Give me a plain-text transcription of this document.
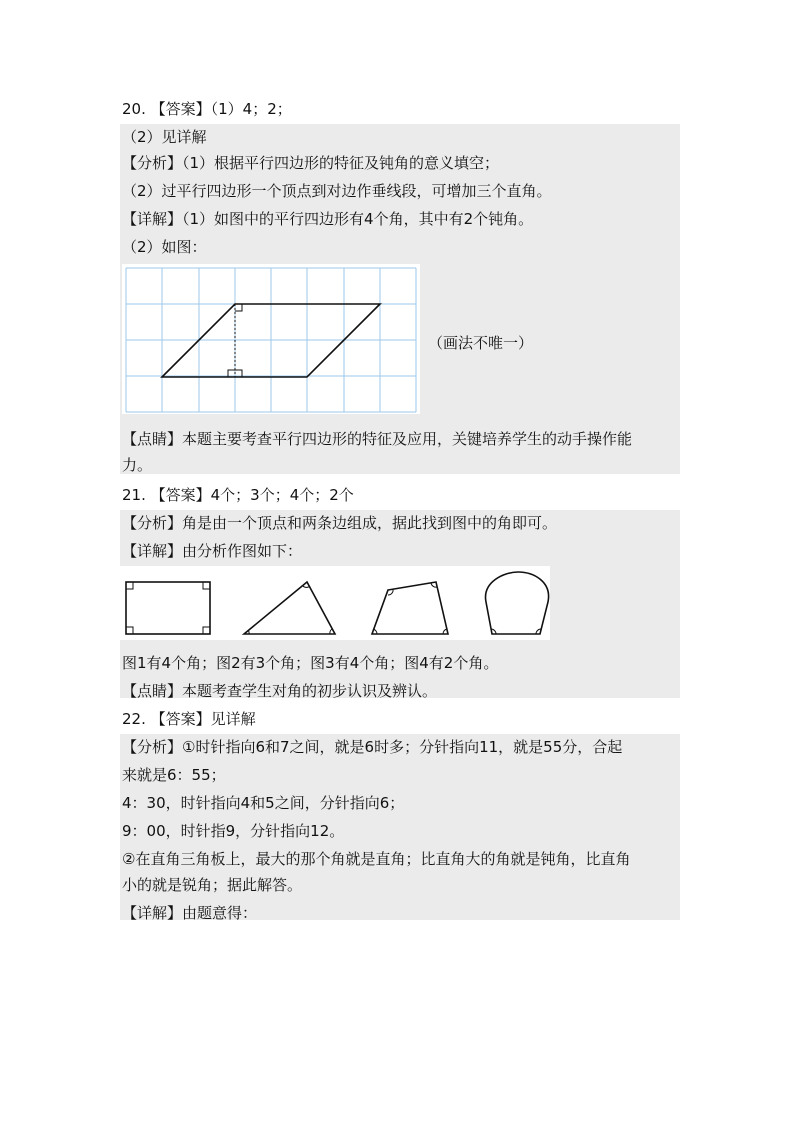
20. 【答案】（1）4；2；
（2）见详解
【分析】（1）根据平行四边形的特征及钝角的意义填空；
（2）过平行四边形一个顶点到对边作垂线段，可增加三个直角。
【详解】（1）如图中的平行四边形有4个角，其中有2个钝角。
（2）如图：
（画法不唯一）
【点睛】本题主要考查平行四边形的特征及应用，关键培养学生的动手操作能
力。
21. 【答案】4个；3个；4个；2个
【分析】角是由一个顶点和两条边组成，据此找到图中的角即可。
【详解】由分析作图如下：
图1有4个角；图2有3个角；图3有4个角；图4有2个角。
【点睛】本题考查学生对角的初步认识及辨认。
22. 【答案】见详解
【分析】①时针指向6和7之间，就是6时多；分针指向11，就是55分，合起
来就是6：55；
4：30，时针指向4和5之间，分针指向6；
9：00，时针指9，分针指向12。
②在直角三角板上，最大的那个角就是直角；比直角大的角就是钝角，比直角
小的就是锐角；据此解答。
【详解】由题意得：
